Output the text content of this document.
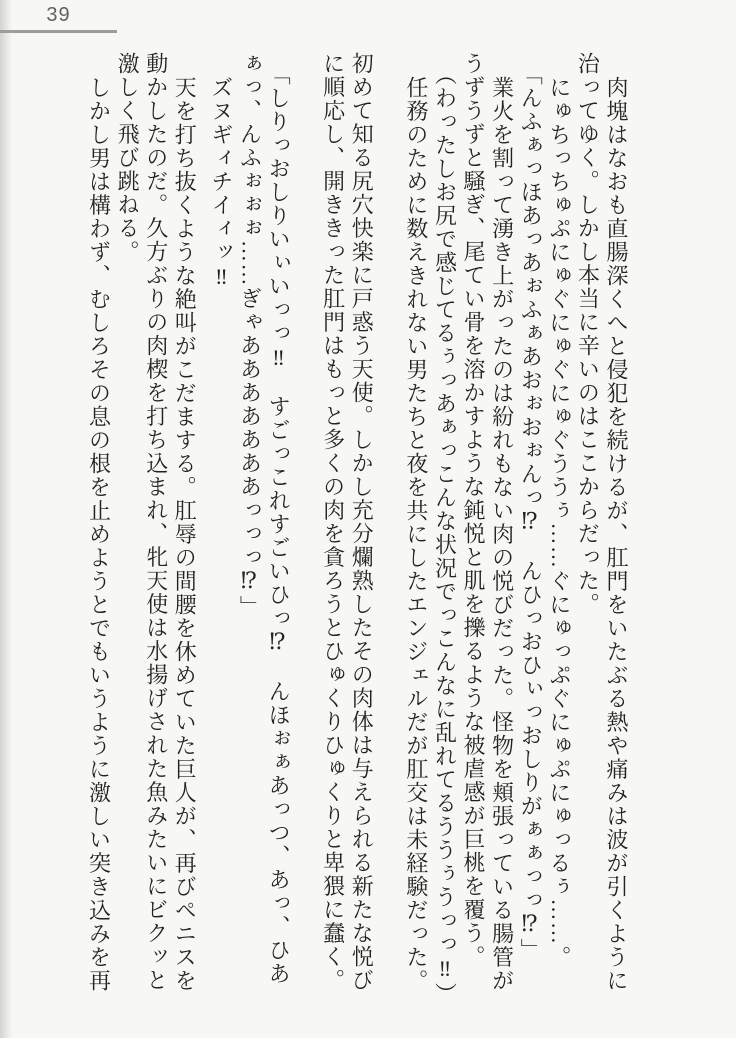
39

肉塊はなおも直腸深くへと侵犯を続けるが、肛門をいたぶる熱や痛みは波が引くように治ってゆく。しかし本当に辛いのはここからだった。

にゅちっちゅぷにゅぐにゅぐにゅぐううぅ……ぐにゅっぷぐにゅぷにゅっるぅ……。

「んふぁっほあっあぉふぁあおぉおぉんっ⁉　んひっおひぃっおしりがぁぁっっ⁉」

業火を割って湧き上がったのは紛れもない肉の悦びだった。怪物を頬張っている腸管がうずうずと騒ぎ、尾てい骨を溶かすような鈍悦と肌を擽るような被虐感が巨桃を覆う。

（わったしお尻で感じてるぅっあぁっこんな状況でっこんなに乱れてるううぅうっっ‼）

任務のために数えきれない男たちと夜を共にしたエンジェルだが肛交は未経験だった。

初めて知る尻穴快楽に戸惑う天使。しかし充分爛熟したその肉体は与えられる新たな悦びに順応し、開ききった肛門はもっと多くの肉を貪ろうとひゅくりひゅくりと卑猥に蠢く。

「しりっおしりいぃいっっ‼　すごっこれすごいひっ⁉　んほぉぁあっつ、あっ、ひあぁっ、んふぉぉぉ……ぎゃあああああああっっっ⁉」

ズヌギィチイィッ‼

天を打ち抜くような絶叫がこだまする。肛辱の間腰を休めていた巨人が、再びペニスを動かしたのだ。久方ぶりの肉楔を打ち込まれ、牝天使は水揚げされた魚みたいにビクッと激しく飛び跳ねる。

しかし男は構わず、むしろその息の根を止めようとでもいうように激しい突き込みを再
